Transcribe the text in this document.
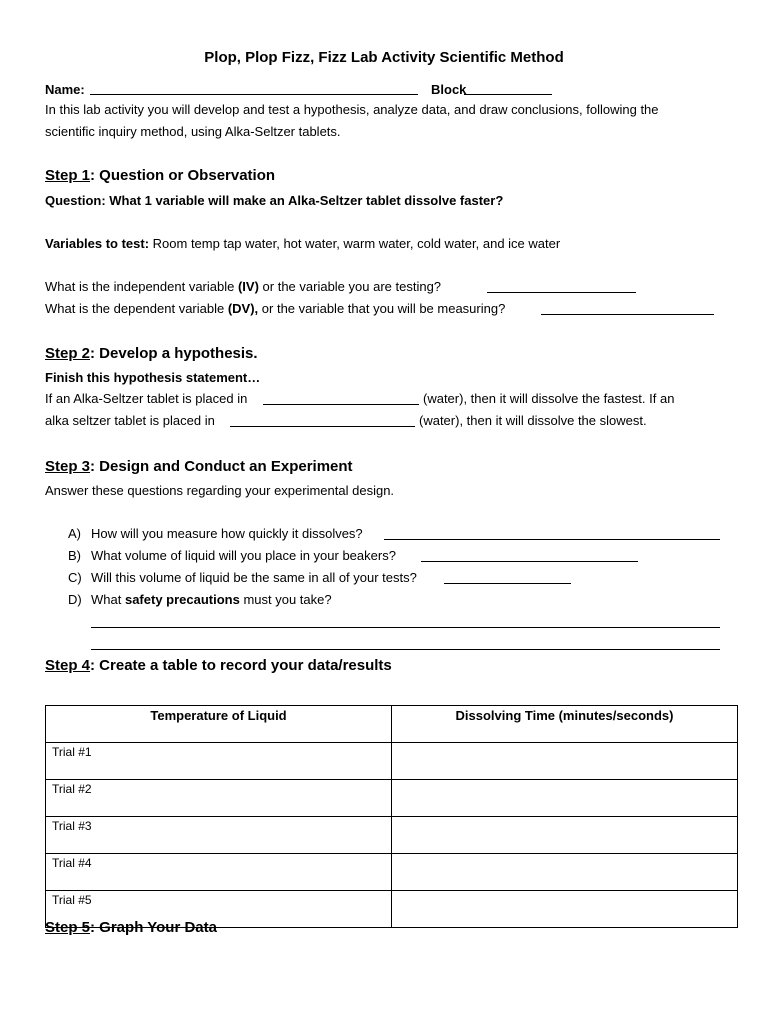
Plop, Plop Fizz, Fizz Lab Activity Scientific Method
Name:	Block
In this lab activity you will develop and test a hypothesis, analyze data, and draw conclusions, following the
scientific inquiry method, using Alka-Seltzer tablets.
Step 1: Question or Observation
Question: What 1 variable will make an Alka-Seltzer tablet dissolve faster?
Variables to test: Room temp tap water, hot water, warm water, cold water, and ice water
What is the independent variable (IV) or the variable you are testing?
What is the dependent variable (DV), or the variable that you will be measuring?
Step 2: Develop a hypothesis.
Finish this hypothesis statement…
If an Alka-Seltzer tablet is placed in	(water), then it will dissolve the fastest. If an
alka seltzer tablet is placed in	(water), then it will dissolve the slowest.
Step 3: Design and Conduct an Experiment
Answer these questions regarding your experimental design.
A) How will you measure how quickly it dissolves?
B) What volume of liquid will you place in your beakers?
C) Will this volume of liquid be the same in all of your tests?
D) What safety precautions must you take?
Step 4: Create a table to record your data/results
Temperature of Liquid	Dissolving Time (minutes/seconds)
Trial #1	
Trial #2	
Trial #3	
Trial #4	
Trial #5	
Step 5: Graph Your Data
